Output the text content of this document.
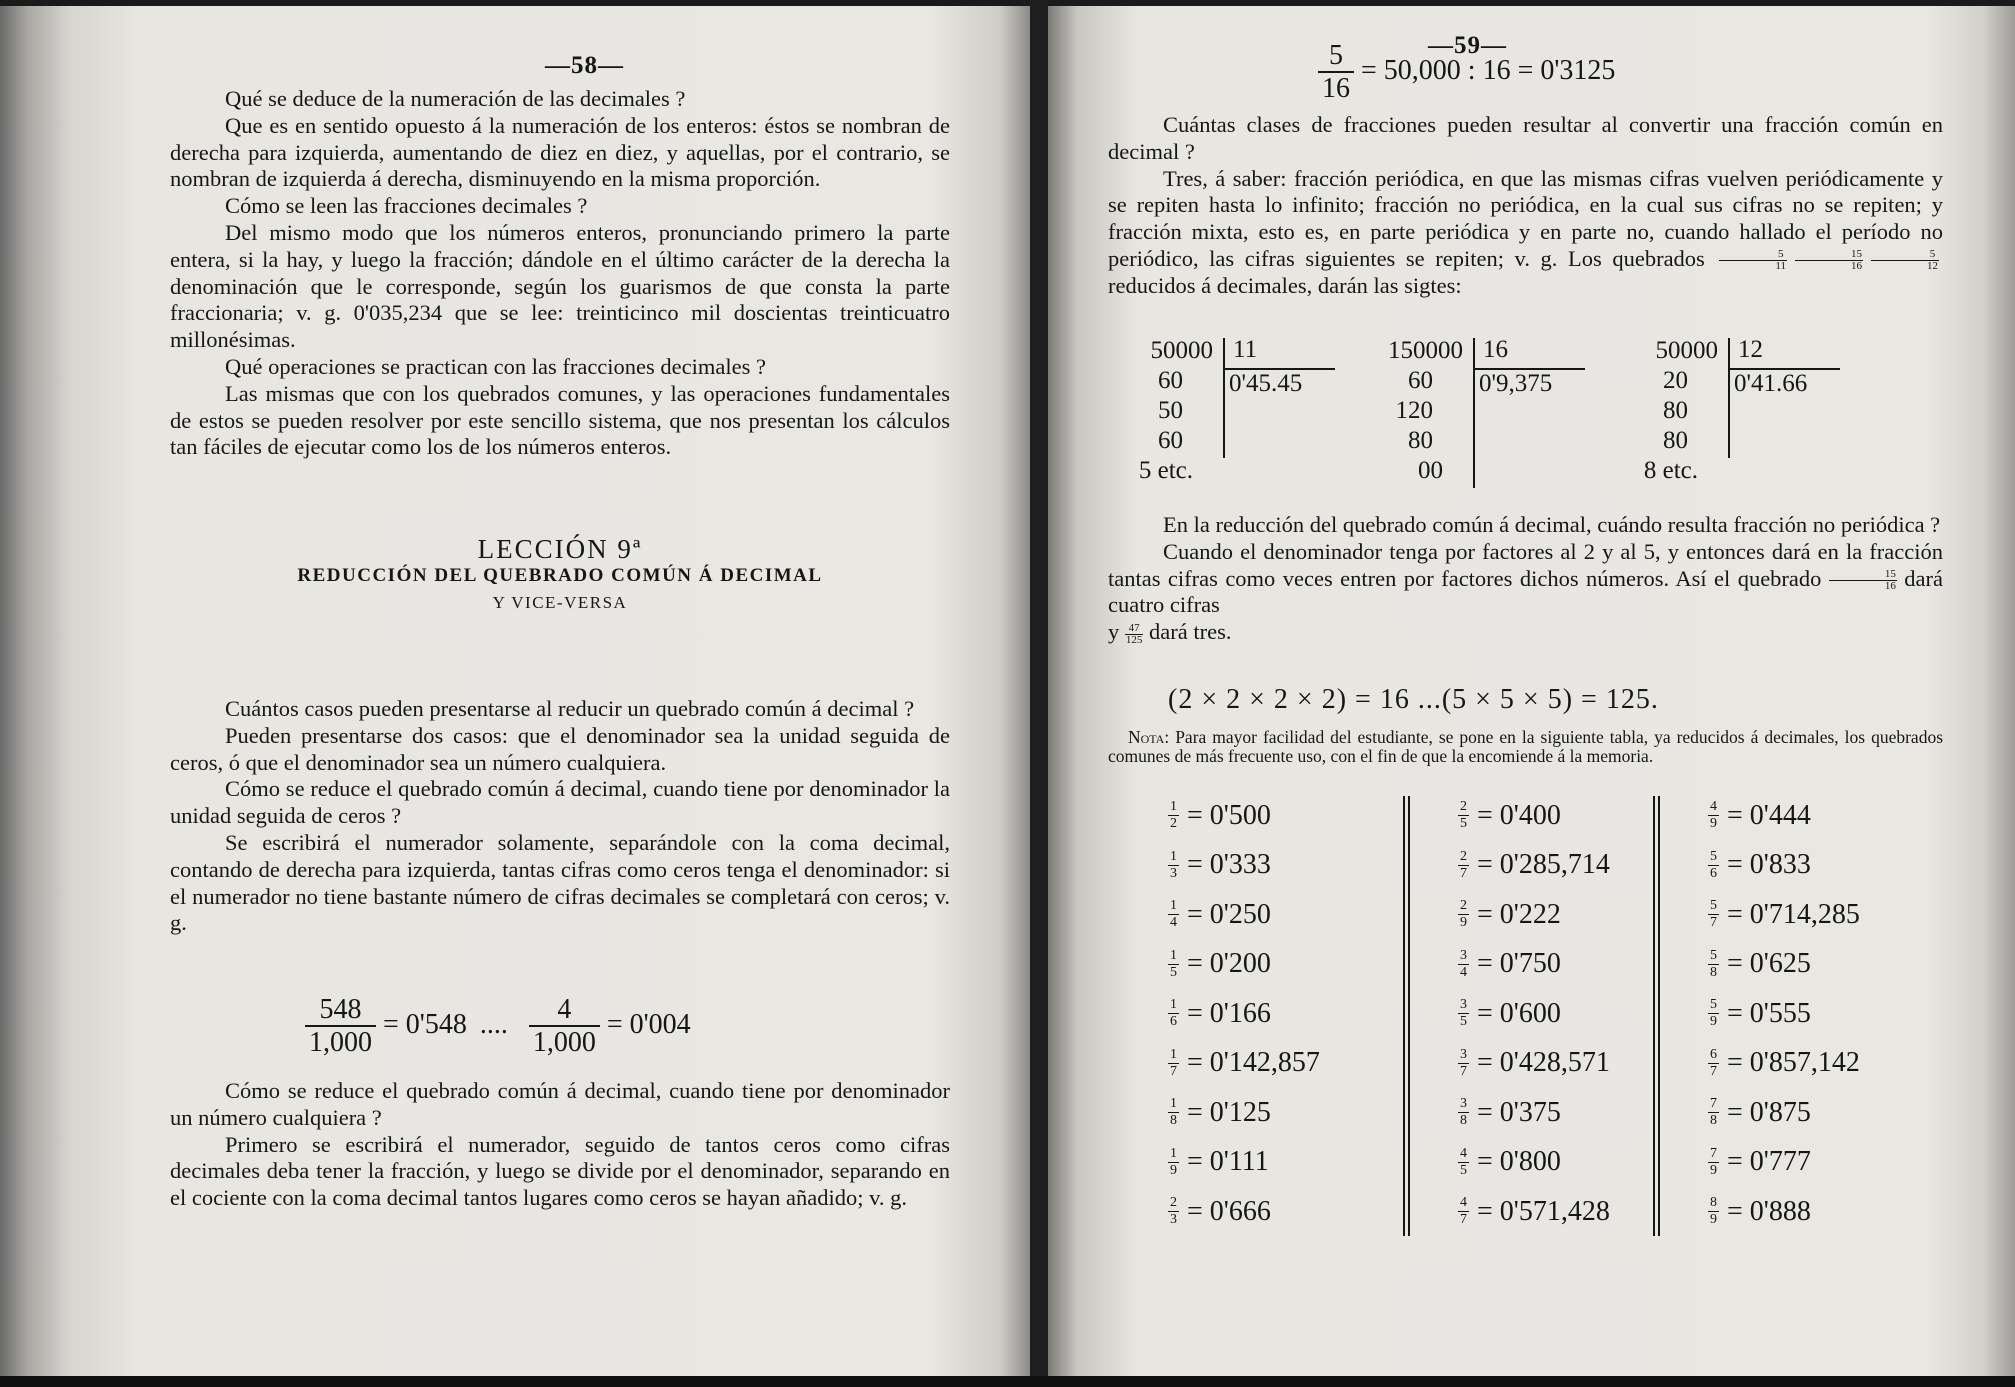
—58—

Qué se deduce de la numeración de las decimales ?

Que es en sentido opuesto á la numeración de los enteros: éstos se nombran de derecha para izquierda, aumentando de diez en diez, y aquellas, por el contrario, se nombran de izquierda á derecha, disminuyendo en la misma proporción.

Cómo se leen las fracciones decimales ?

Del mismo modo que los números enteros, pronunciando primero la parte entera, si la hay, y luego la fracción; dándole en el último carácter de la derecha la denominación que le corresponde, según los guarismos de que consta la parte fraccionaria; v. g. 0'035,234 que se lee: treinticinco mil doscientas treinticuatro millonésimas.

Qué operaciones se practican con las fracciones decimales ?

Las mismas que con los quebrados comunes, y las operaciones fundamentales de estos se pueden resolver por este sencillo sistema, que nos presentan los cálculos tan fáciles de ejecutar como los de los números enteros.

LECCIÓN 9ª

REDUCCIÓN DEL QUEBRADO COMÚN Á DECIMAL

Y VICE-VERSA

Cuántos casos pueden presentarse al reducir un quebrado común á decimal ?

Pueden presentarse dos casos: que el denominador sea la unidad seguida de ceros, ó que el denominador sea un número cualquiera.

Cómo se reduce el quebrado común á decimal, cuando tiene por denominador la unidad seguida de ceros ?

Se escribirá el numerador solamente, separándole con la coma decimal, contando de derecha para izquierda, tantas cifras como ceros tenga el denominador: si el numerador no tiene bastante número de cifras decimales se completará con ceros; v. g.

$\frac{548}{1,000} = 0'548$ .... $\frac{4}{1,000} = 0'004$

Cómo se reduce el quebrado común á decimal, cuando tiene por denominador un número cualquiera ?

Primero se escribirá el numerador, seguido de tantos ceros como cifras decimales deba tener la fracción, y luego se divide por el denominador, separando en el cociente con la coma decimal tantos lugares como ceros se hayan añadido; v. g.

—59—
$\frac{5}{16} = 50,000$ : 16 = 0'3125

Cuántas clases de fracciones pueden resultar al convertir una fracción común en decimal ?

Tres, á saber: fracción periódica, en que las mismas cifras vuelven periódicamente y se repiten hasta lo infinito; fracción no periódica, en la cual sus cifras no se repiten; y fracción mixta, esto es, en parte periódica y en parte no, cuando hallado el período no periódico, las cifras siguientes se repiten; v. g. Los quebrados $\frac{5}{11} \frac{15}{16} \frac{5}{12}$
reducidos á decimales, darán las sigtes:

50000
60
50
60
5 etc.
11
0'45.45
150000
60
120
80
00
16
0'9,375
50000
20
80
80
8 etc.
12
0'41.66

En la reducción del quebrado común á decimal, cuándo resulta fracción no periódica ?

Cuando el denominador tenga por factores al 2 y al 5, y entonces dará en la fracción tantas cifras como veces entren por factores dichos números. Así el quebrado $\frac{15}{16}$ dará cuatro cifras

y $\frac{47}{125}$ dará tres.

(2 × 2 × 2 × 2) = 16 ...(5 × 5 × 5) = 125.
Nota: Para mayor facilidad del estudiante, se pone en la siguiente tabla, ya reducidos á decimales, los quebrados comunes de más frecuente uso, con el fin de que la encomiende á la memoria.
$\frac{1}{2} = 0'500$
$\frac{1}{3} = 0'333$
$\frac{1}{4} = 0'250$
$\frac{1}{5} = 0'200$
$\frac{1}{6} = 0'166$
$\frac{1}{7} = 0'142,857$
$\frac{1}{8} = 0'125$
$\frac{1}{9} = 0'111$
$\frac{2}{3} = 0'666$
$\frac{2}{5} = 0'400$
$\frac{2}{7} = 0'285,714$
$\frac{2}{9} = 0'222$
$\frac{3}{4} = 0'750$
$\frac{3}{5} = 0'600$
$\frac{3}{7} = 0'428,571$
$\frac{3}{8} = 0'375$
$\frac{4}{5} = 0'800$
$\frac{4}{7} = 0'571,428$
$\frac{4}{9} = 0'444$
$\frac{5}{6} = 0'833$
$\frac{5}{7} = 0'714,285$
$\frac{5}{8} = 0'625$
$\frac{5}{9} = 0'555$
$\frac{6}{7} = 0'857,142$
$\frac{7}{8} = 0'875$
$\frac{7}{9} = 0'777$
$\frac{8}{9} = 0'888$
